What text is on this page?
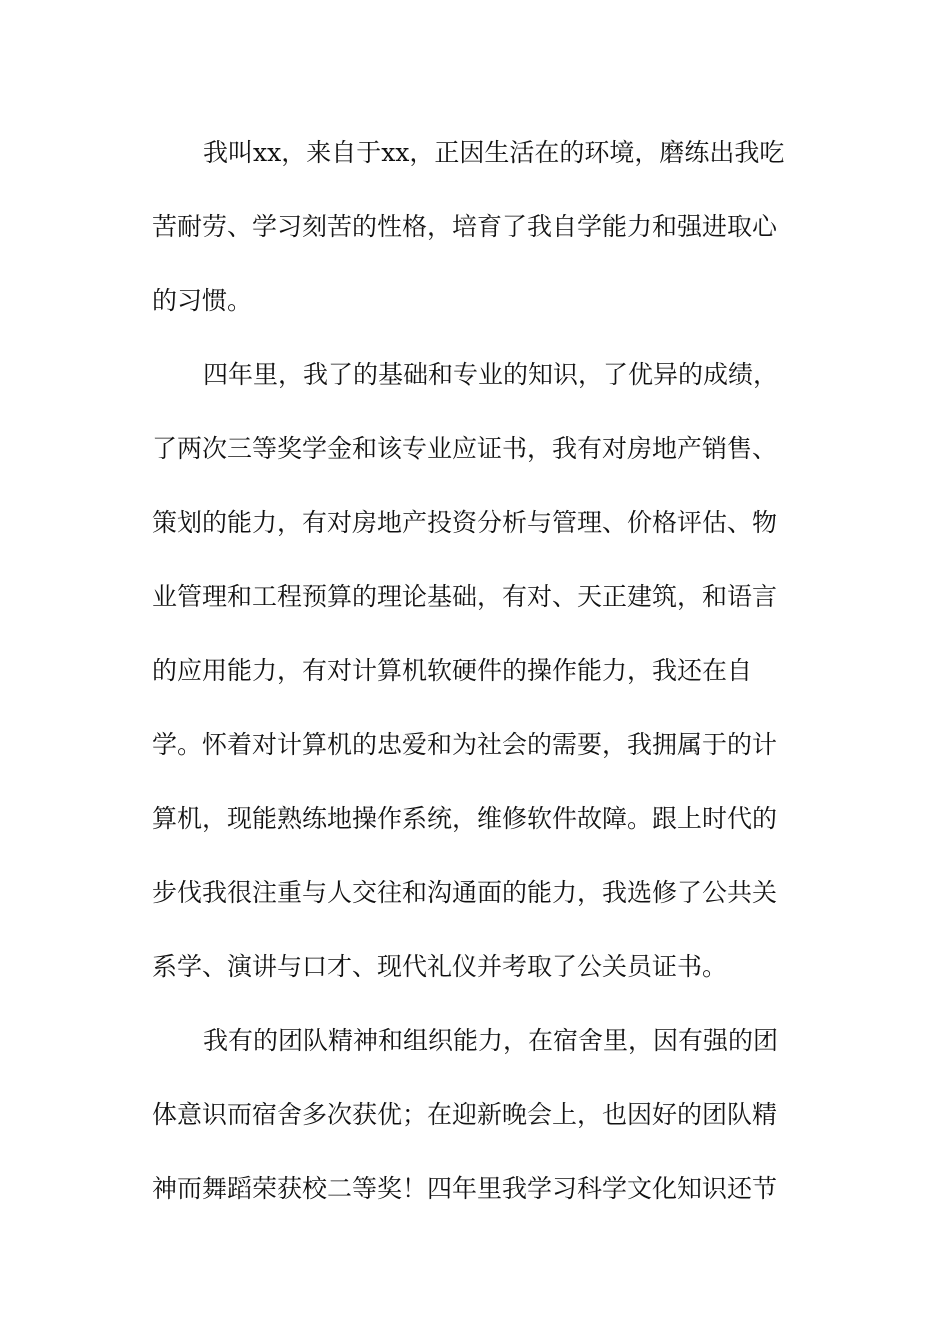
我叫xx，来自于xx，正因生活在的环境，磨练出我吃

苦耐劳、学习刻苦的性格，培育了我自学能力和强进取心

的习惯。

四年里，我了的基础和专业的知识，了优异的成绩，

了两次三等奖学金和该专业应证书，我有对房地产销售、

策划的能力，有对房地产投资分析与管理、价格评估、物

业管理和工程预算的理论基础，有对、天正建筑，和语言

的应用能力，有对计算机软硬件的操作能力，我还在自

学。怀着对计算机的忠爱和为社会的需要，我拥属于的计

算机，现能熟练地操作系统，维修软件故障。跟上时代的

步伐我很注重与人交往和沟通面的能力，我选修了公共关

系学、演讲与口才、现代礼仪并考取了公关员证书。

我有的团队精神和组织能力，在宿舍里，因有强的团

体意识而宿舍多次获优；在迎新晚会上，也因好的团队精

神而舞蹈荣获校二等奖！四年里我学习科学文化知识还节
